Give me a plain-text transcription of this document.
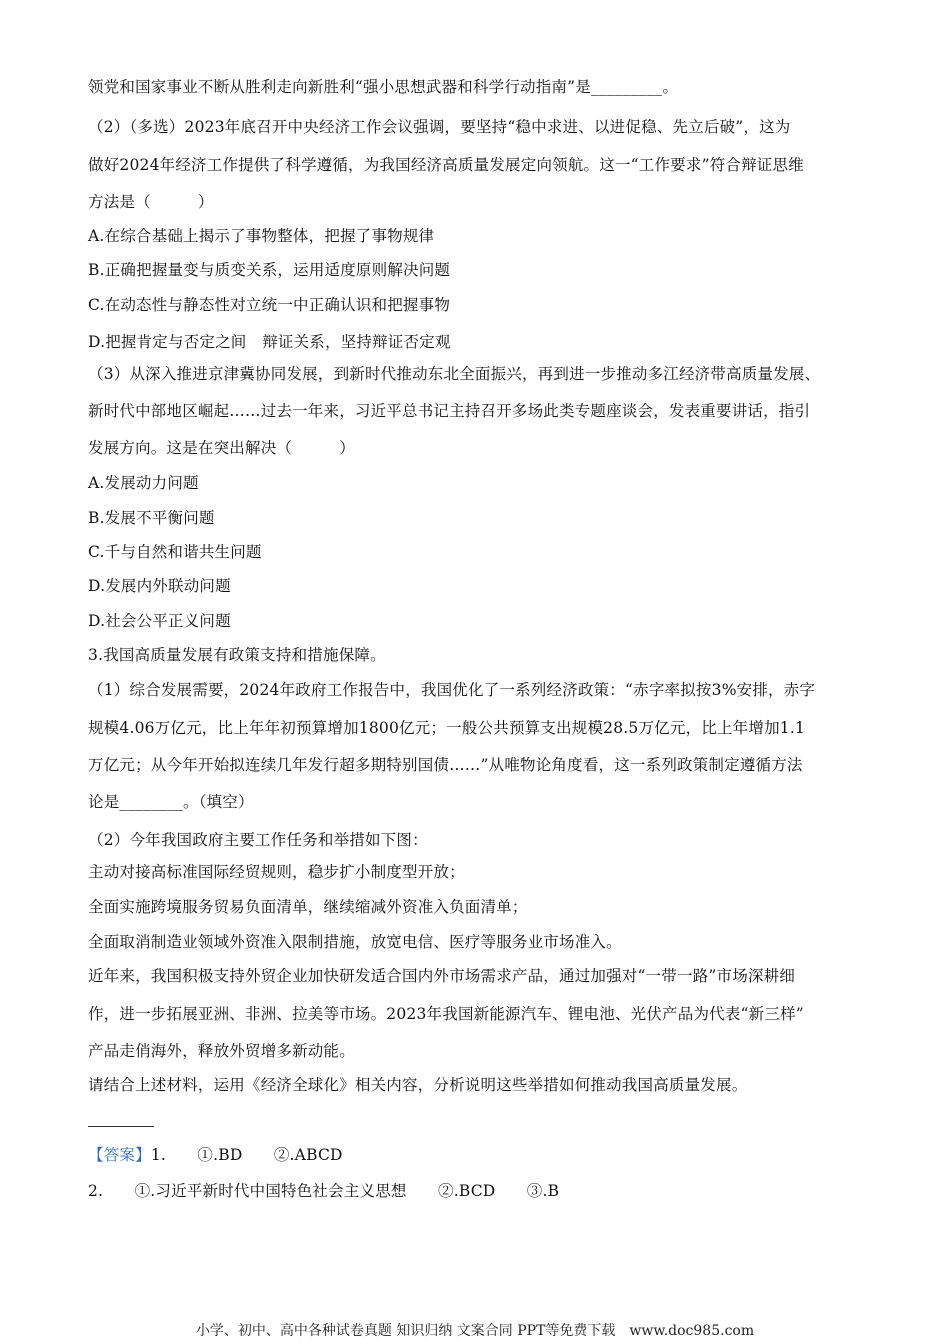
领党和国家事业不断从胜利走向新胜利“强小思想武器和科学行动指南”是_________。
（2）（多选）2023年底召开中央经济工作会议强调，要坚持“稳中求进、以进促稳、先立后破”，这为
做好2024年经济工作提供了科学遵循，为我国经济高质量发展定向领航。这一“工作要求”符合辩证思维
方法是（　　　）
A.在综合基础上揭示了事物整体，把握了事物规律
B.正确把握量变与质变关系，运用适度原则解决问题
C.在动态性与静态性对立统一中正确认识和把握事物
D.把握肯定与否定之间　辩证关系，坚持辩证否定观
（3）从深入推进京津冀协同发展，到新时代推动东北全面振兴，再到进一步推动多江经济带高质量发展、
新时代中部地区崛起……过去一年来，习近平总书记主持召开多场此类专题座谈会，发表重要讲话，指引
发展方向。这是在突出解决（　　　）
A.发展动力问题
B.发展不平衡问题
C.千与自然和谐共生问题
D.发展内外联动问题
D.社会公平正义问题
3.我国高质量发展有政策支持和措施保障。
（1）综合发展需要，2024年政府工作报告中，我国优化了一系列经济政策：“赤字率拟按3%安排，赤字
规模4.06万亿元，比上年年初预算增加1800亿元；一般公共预算支出规模28.5万亿元，比上年增加1.1
万亿元；从今年开始拟连续几年发行超多期特别国债……”从唯物论角度看，这一系列政策制定遵循方法
论是________。（填空）
（2）今年我国政府主要工作任务和举措如下图：
主动对接高标准国际经贸规则，稳步扩小制度型开放；
全面实施跨境服务贸易负面清单，继续缩减外资准入负面清单；
全面取消制造业领域外资准入限制措施，放宽电信、医疗等服务业市场准入。
近年来，我国积极支持外贸企业加快研发适合国内外市场需求产品，通过加强对“一带一路”市场深耕细
作，进一步拓展亚洲、非洲、拉美等市场。2023年我国新能源汽车、锂电池、光伏产品为代表“新三样”
产品走俏海外，释放外贸增多新动能。
请结合上述材料，运用《经济全球化》相关内容，分析说明这些举措如何推动我国高质量发展。
【答案】1.　　①.BD　　②.ABCD
2.　　①.习近平新时代中国特色社会主义思想　　②.BCD　　③.B
小学、初中、高中各种试卷真题 知识归纳 文案合同 PPT等免费下载 www.doc985.com
